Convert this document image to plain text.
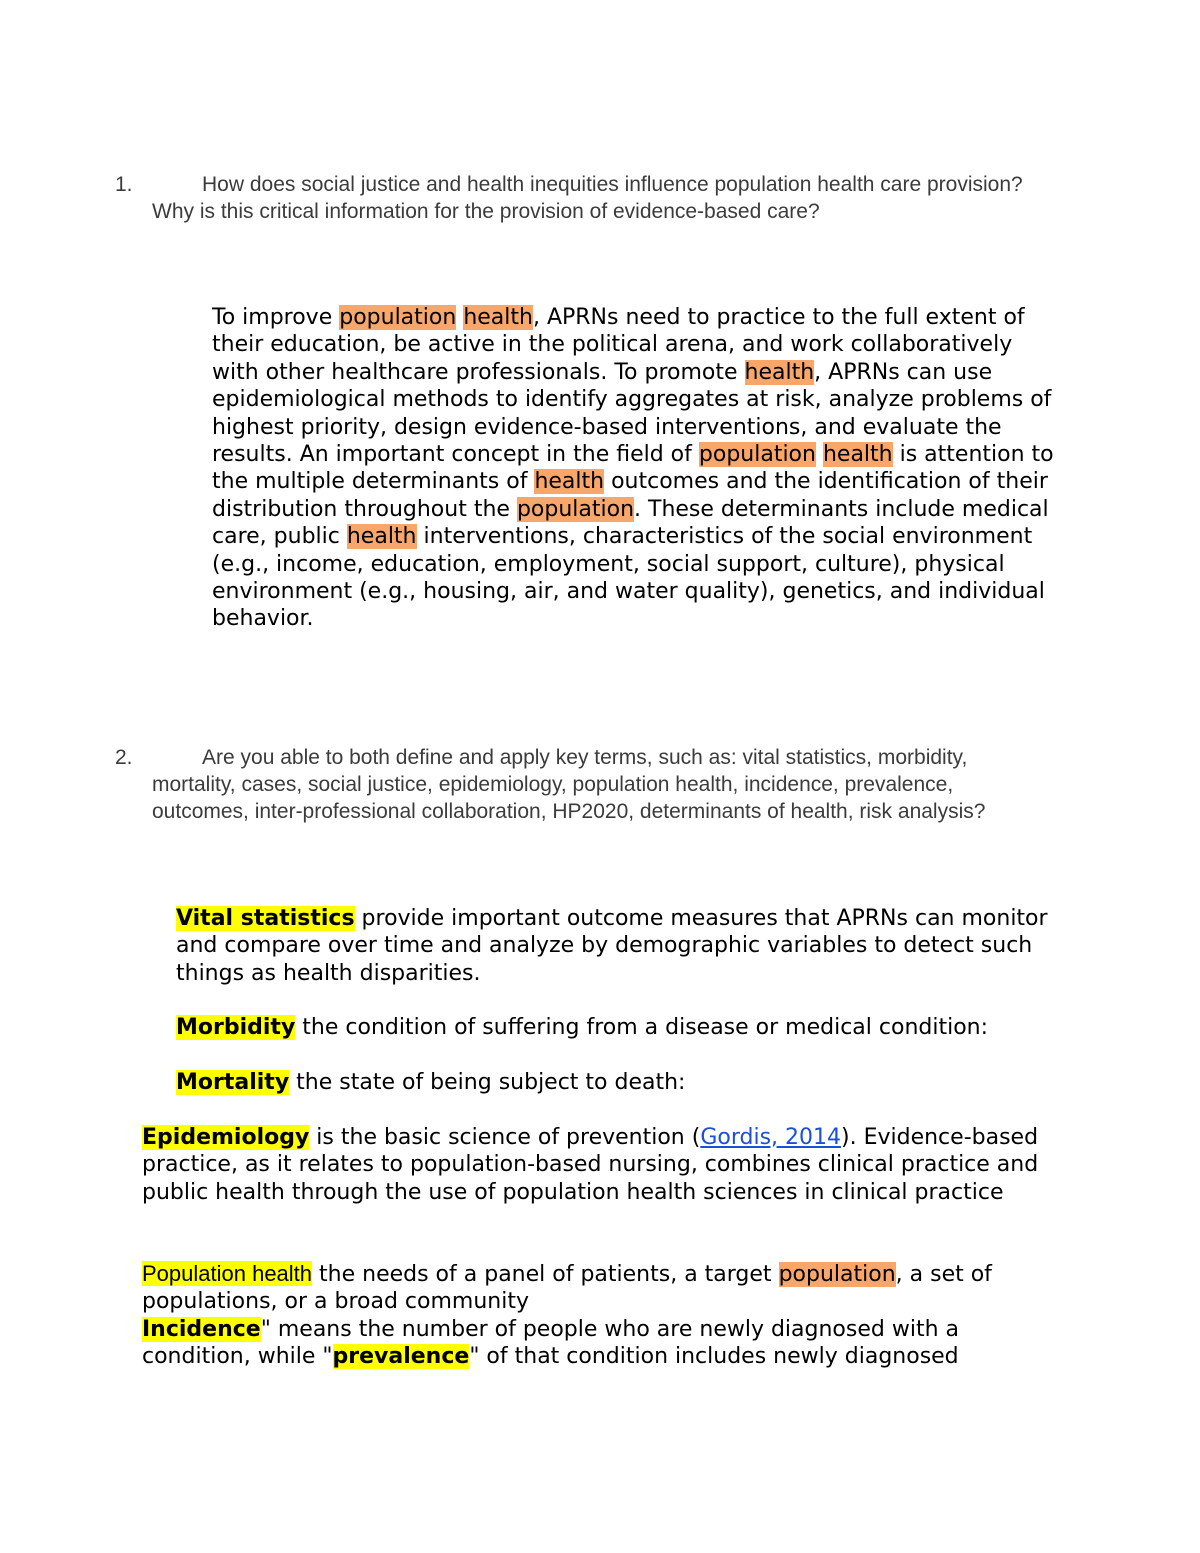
1.	How does social justice and health inequities influence population health care provision? Why is this critical information for the provision of evidence-based care?

To improve population health, APRNs need to practice to the full extent of their education, be active in the political arena, and work collaboratively with other healthcare professionals. To promote health, APRNs can use epidemiological methods to identify aggregates at risk, analyze problems of highest priority, design evidence-based interventions, and evaluate the results. An important concept in the field of population health is attention to the multiple determinants of health outcomes and the identification of their distribution throughout the population. These determinants include medical care, public health interventions, characteristics of the social environment (e.g., income, education, employment, social support, culture), physical environment (e.g., housing, air, and water quality), genetics, and individual behavior.

2.	Are you able to both define and apply key terms, such as: vital statistics, morbidity, mortality, cases, social justice, epidemiology, population health, incidence, prevalence, outcomes, inter-professional collaboration, HP2020, determinants of health, risk analysis?

Vital statistics provide important outcome measures that APRNs can monitor and compare over time and analyze by demographic variables to detect such things as health disparities.

Morbidity the condition of suffering from a disease or medical condition:

Mortality the state of being subject to death:

Epidemiology is the basic science of prevention (Gordis, 2014). Evidence-based practice, as it relates to population-based nursing, combines clinical practice and public health through the use of population health sciences in clinical practice

Population health the needs of a panel of patients, a target population, a set of populations, or a broad community
Incidence" means the number of people who are newly diagnosed with a condition, while "prevalence" of that condition includes newly diagnosed
